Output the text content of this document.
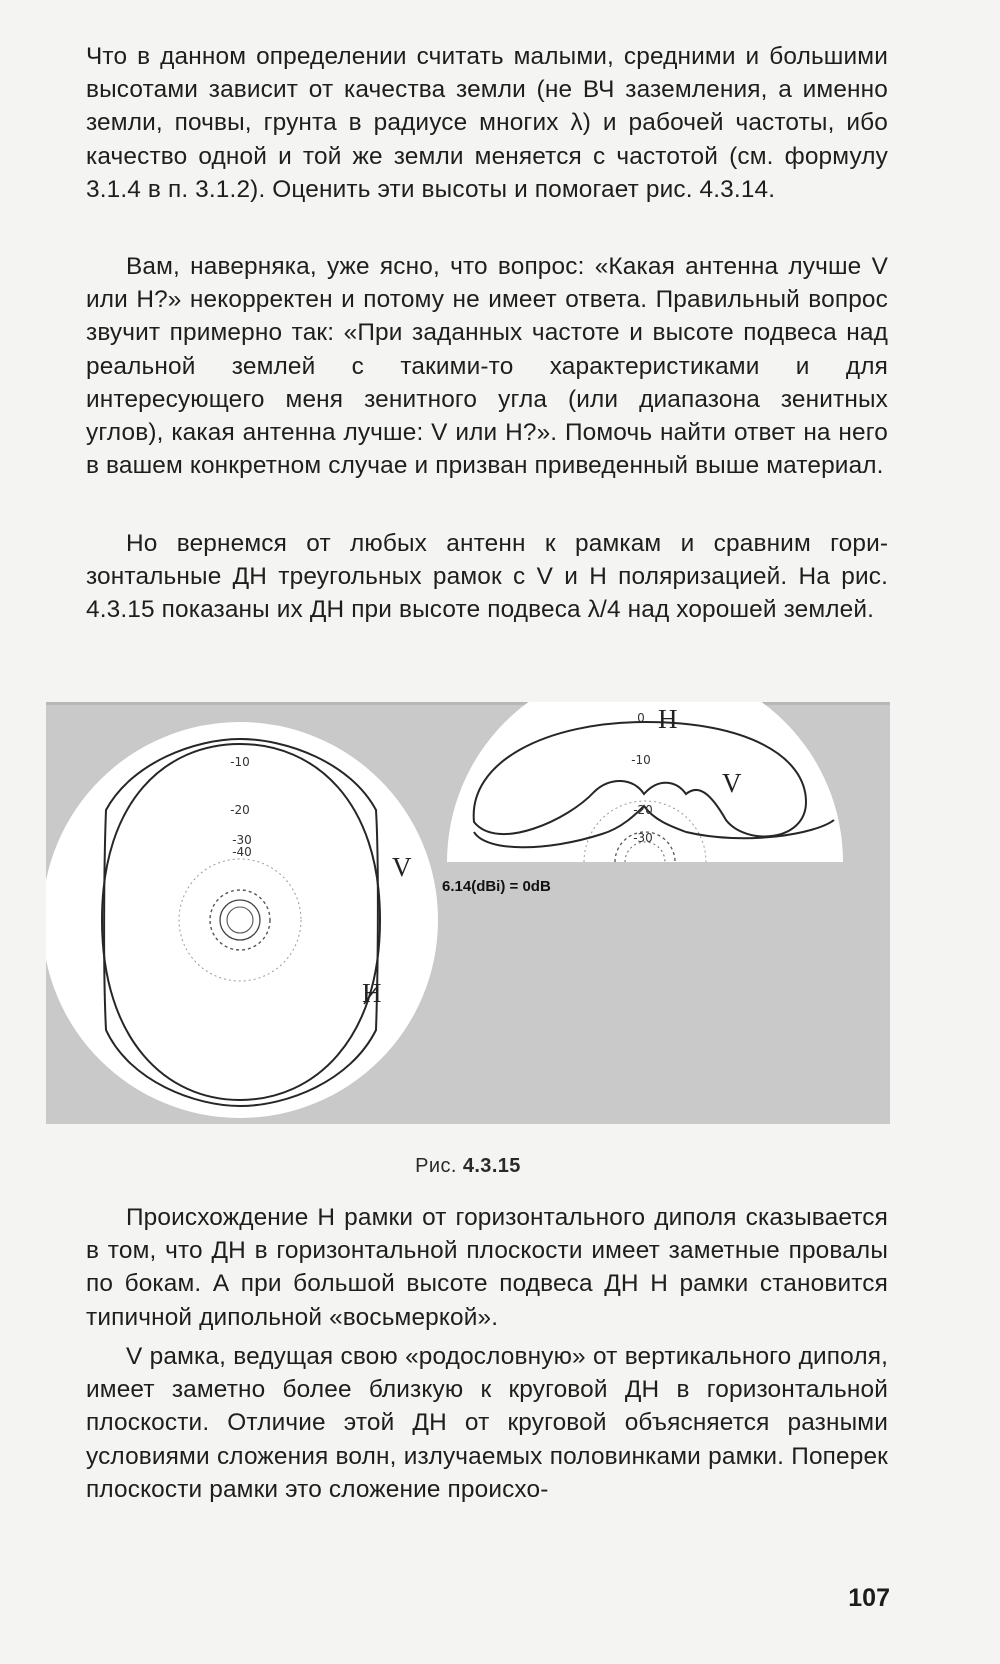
Что в данном определении считать малыми, средними и большими высотами зависит от качества земли (не ВЧ заземления, а именно земли, почвы, грунта в радиусе многих λ) и рабочей частоты, ибо качество одной и той же земли меняется с частотой (см. формулу 3.1.4 в п. 3.1.2). Оценить эти высоты и помогает рис. 4.3.14.

Вам, наверняка, уже ясно, что вопрос: «Какая антенна лучше V или H?» некорректен и потому не имеет ответа. Правильный вопрос звучит примерно так: «При заданных частоте и высоте подвеса над реальной землей с такими-то характеристиками и для интересующего меня зенитного угла (или диапазона зенитных углов), какая антенна лучше: V или H?». Помочь найти ответ на него в вашем конкретном случае и призван приведенный выше материал.

Но вернемся от любых антенн к рамкам и сравним горизонтальные ДН треугольных рамок с V и H поляризацией. На рис. 4.3.15 показаны их ДН при высоте подвеса λ/4 над хорошей землей.

-10
-20
-30
-40	V
H
0
-10
-20
-30
H
V
6.14(dBi) = 0dB

Рис. 4.3.15

Происхождение H рамки от горизонтального диполя сказывается в том, что ДН в горизонтальной плоскости имеет заметные провалы по бокам. А при большой высоте подвеса ДН H рамки становится типичной дипольной «восьмеркой».

V рамка, ведущая свою «родословную» от вертикального диполя, имеет заметно более близкую к круговой ДН в горизонтальной плоскости. Отличие этой ДН от круговой объясняется разными условиями сложения волн, излучаемых половинками рамки. Поперек плоскости рамки это сложение происхо-

107
